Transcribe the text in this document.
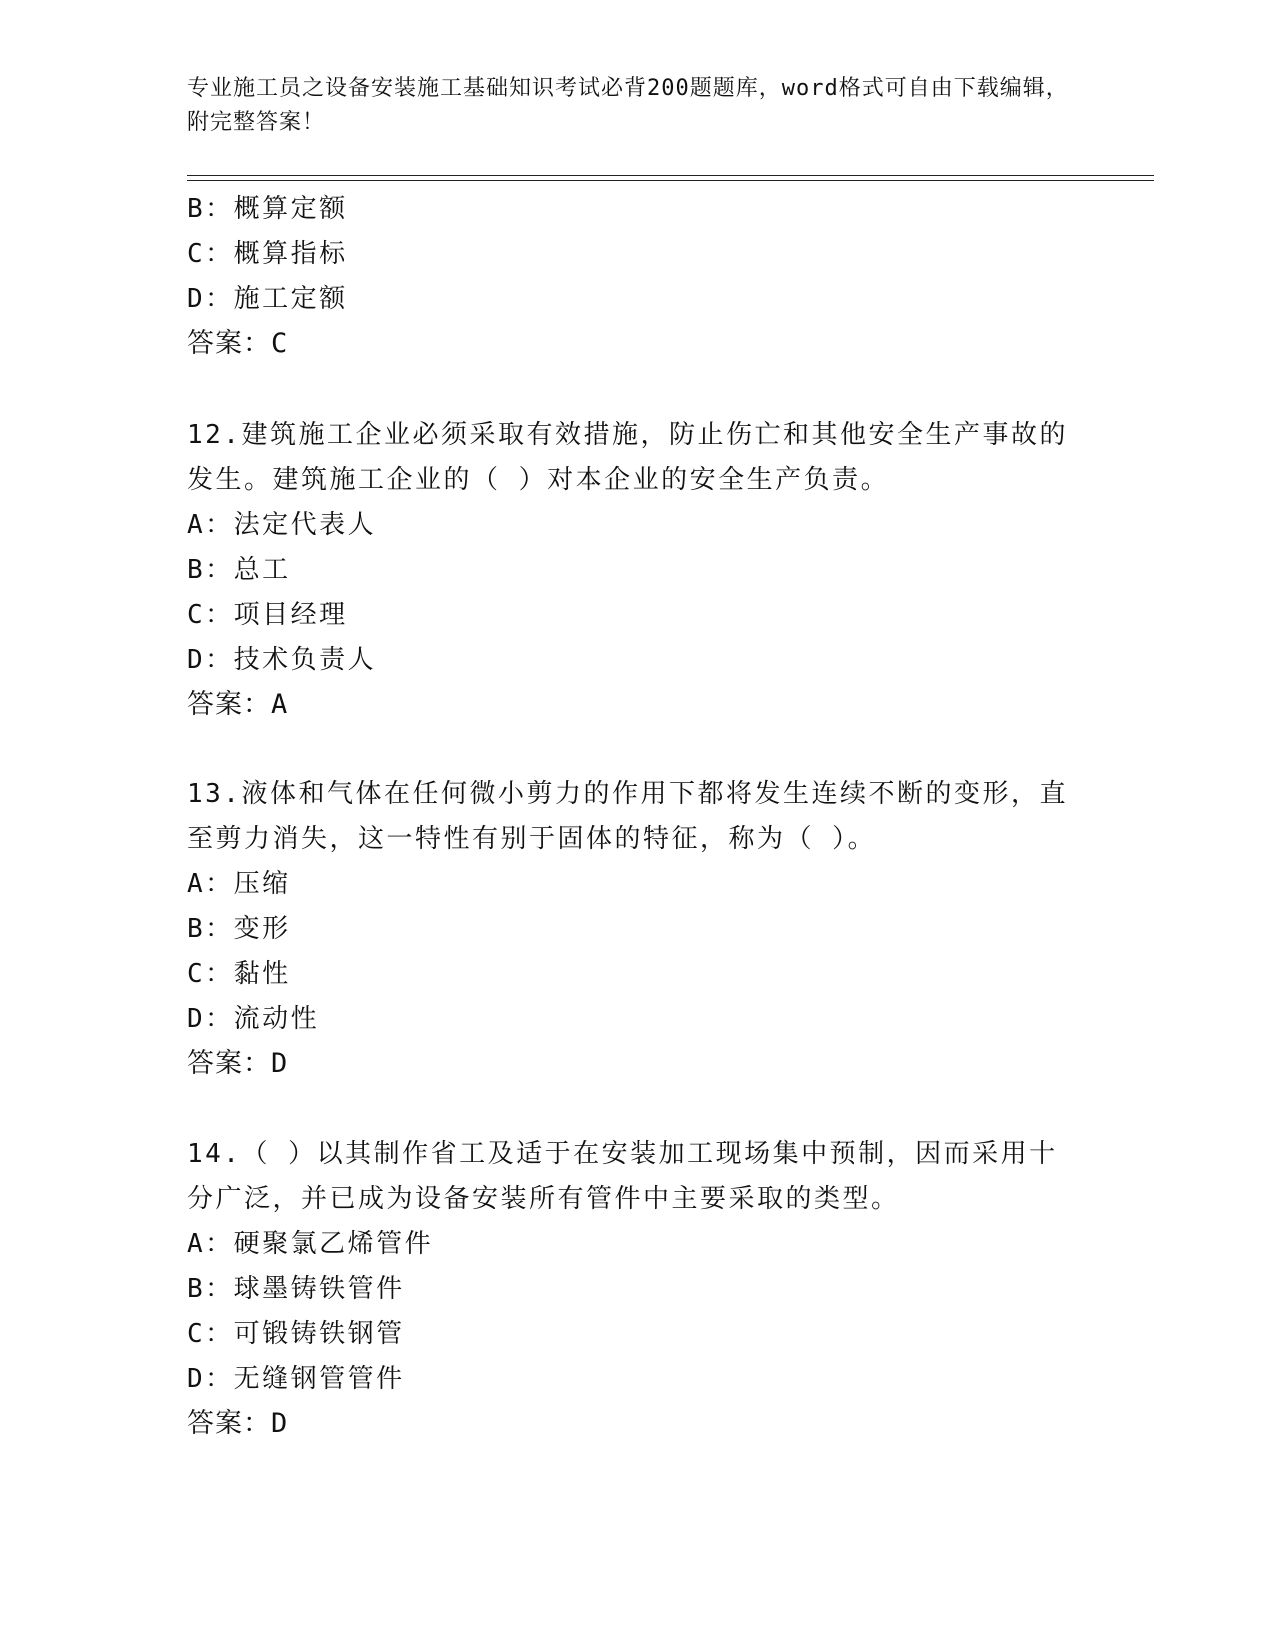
专业施工员之设备安装施工基础知识考试必背200题题库，word格式可自由下载编辑，附完整答案！
B：概算定额
C：概算指标
D：施工定额
答案：C
12.建筑施工企业必须采取有效措施，防止伤亡和其他安全生产事故的
发生。建筑施工企业的（ ）对本企业的安全生产负责。
A：法定代表人
B：总工
C：项目经理
D：技术负责人
答案：A
13.液体和气体在任何微小剪力的作用下都将发生连续不断的变形，直
至剪力消失，这一特性有别于固体的特征，称为（ ）。
A：压缩
B：变形
C：黏性
D：流动性
答案：D
14.（ ）以其制作省工及适于在安装加工现场集中预制，因而采用十
分广泛，并已成为设备安装所有管件中主要采取的类型。
A：硬聚氯乙烯管件
B：球墨铸铁管件
C：可锻铸铁钢管
D：无缝钢管管件
答案：D
